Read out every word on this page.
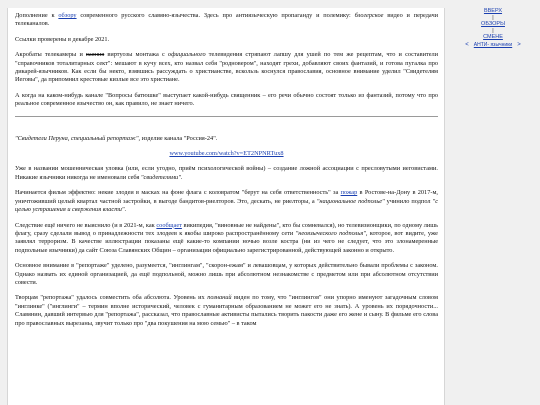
Дополнение к обзору современного русского славяно-язычества. Здесь про антиязыческую пропаганду и полемику: блогерское видео и передачи телеканалов.

Ссылки проверены в декабре 2021.

Акробаты телекамеры и ваяния виртуозы монтажа с официального телевидения стряпают лапшу для ушей по тем же рецептам, что и составители "справочников тоталитарных сект": мешают в кучу всех, кто назвал себя "родновером", находят грехи, добавляют своих фантазий, и готова пугалка про дикарей-язычников. Как если бы некто, взявшись рассуждать о христианстве, вскользь коснулся православия, основное внимание уделил "Свидетелям Иеговы", да припомнил крестовые кизлые все это христиане.

А когда на каком-нибудь канале "Вопросы батюшке" выступает какой-нибудь священник – его речи обычно состоят только из фантазий, потому что про реальное современное язычество он, как правило, не знает ничего.

"Свидетели Перуна, специальный репортаж", изделие канала "Россия-24".

www.youtube.com/watch?v=ET2NPNRTux8

Уже в названии мошенническая уловка (или, если угодно, приём психологической войны) – создание ложной ассоциации с пресловутыми иеговистами. Никакие язычники никогда не именовали себя "свидетелями".

Начинается фильм эффектно: некие злодеи в масках на фоне флага с коловратом "берут на себя ответственность" за пожар в Ростове-на-Дону в 2017-м, уничтоживший целый квартал частной застройки, в выгоде бандитов-риелторов. Это, дескать, не риелторы, а "национальное подполье" учинило подпол "с целью устрашения и свержения власти".

Следствие ещё ничего не выяснило (и в 2021-м, как сообщает википедия, "виновные не найдены", кто бы сомневался), но телевизионщики, по одному лишь флагу, сразу сделали вывод о принадлежности тех злодеев к якобы широко распространённому сети "неоязыческого подполья", которое, вот видите, уже заявлял терроризм. В качестве иллюстрации показаны ещё какие-то компании ночью возле костра (ни из чего не следует, что это злонамеренные подпольные язычники) да сайт Союза Славянских Общин – организации официально зарегистрированной, действующей законно и открыто.

Основное внимание в "репортаже" уделено, разумеется, "инглингам", "скорон-ежам" и левашовцам, у которых действительно бывали проблемы с законом. Однако назвать их единой организацией, да ещё подпольной, можно лишь при абсолютном незнакомстве с предметом или при абсолютном отсутствии совести.

Творцам "репортажа" удалось совместить оба абсолюта. Уровень их познаний виден по тому, что "инглингов" они упорно именуют загадочным словом "инглинке" ("инглинги" – термин вполне исторический, человек с гуманитарным образованием не может его не знать). А уровень их порядочности... Славянин, давший интервью для "репортажа", рассказал, что православные активисты пытались творить пакости даже его жене и сыну. В фильме его слова про православных вырезаны, звучит только про "два покушения на мою семью" – в таком

ВВЕРХ
|
ОБЗОРЫ
|
СМЕНЕ
< АНТИ- язычники >
